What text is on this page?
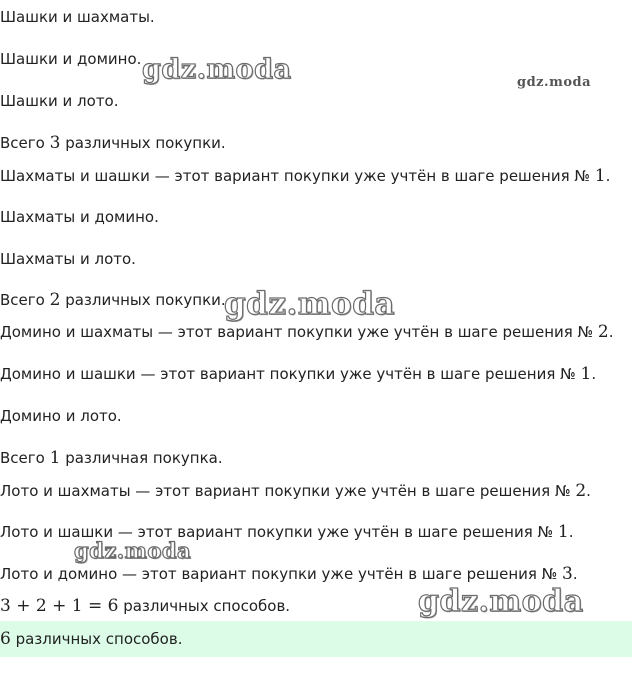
Шашки и шахматы.
Шашки и домино.
Шашки и лото.
Всего 3 различных покупки.
Шахматы и шашки — этот вариант покупки уже учтён в шаге решения № 1.
Шахматы и домино.
Шахматы и лото.
Всего 2 различных покупки.
Домино и шахматы — этот вариант покупки уже учтён в шаге решения № 2.
Домино и шашки — этот вариант покупки уже учтён в шаге решения № 1.
Домино и лото.
Всего 1 различная покупка.
Лото и шахматы — этот вариант покупки уже учтён в шаге решения № 2.
Лото и шашки — этот вариант покупки уже учтён в шаге решения № 1.
Лото и домино — этот вариант покупки уже учтён в шаге решения № 3.
3 + 2 + 1 = 6 различных способов.
6 различных способов.
gdz.moda	gdz.moda
gdz.moda
gdz.moda
gdz.moda
